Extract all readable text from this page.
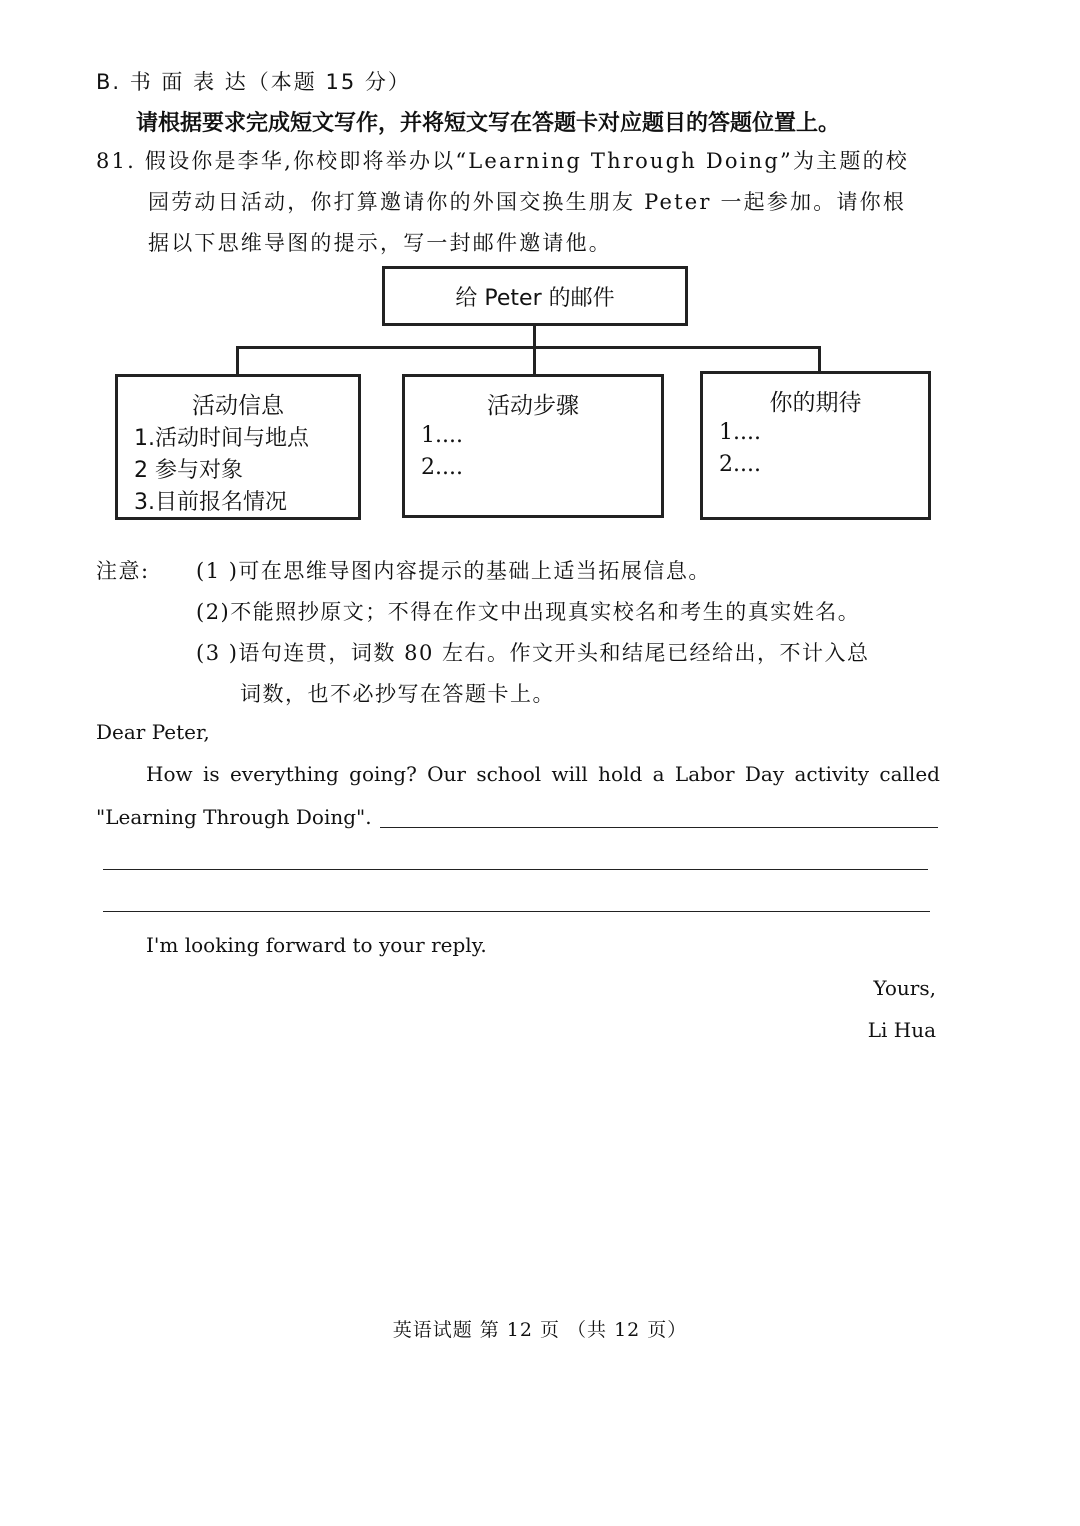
B. 书 面 表 达（本题 15 分）
请根据要求完成短文写作，并将短文写在答题卡对应题目的答题位置上。
81. 假设你是李华,你校即将举办以“Learning Through Doing”为主题的校
园劳动日活动，你打算邀请你的外国交换生朋友 Peter 一起参加。请你根
据以下思维导图的提示，写一封邮件邀请他。
给 Peter 的邮件
活动信息
1.活动时间与地点
2 参与对象
3.目前报名情况
活动步骤
1....
2....
你的期待
1....
2....
注意: (1 )可在思维导图内容提示的基础上适当拓展信息。
(2)不能照抄原文；不得在作文中出现真实校名和考生的真实姓名。
(3 )语句连贯，词数 80 左右。作文开头和结尾已经给出，不计入总
词数，也不必抄写在答题卡上。
Dear Peter,
How is everything going? Our school will hold a Labor Day activity called
"Learning Through Doing".
I'm looking forward to your reply.
Yours,
Li Hua
英语试题 第 12 页 （共 12 页）
